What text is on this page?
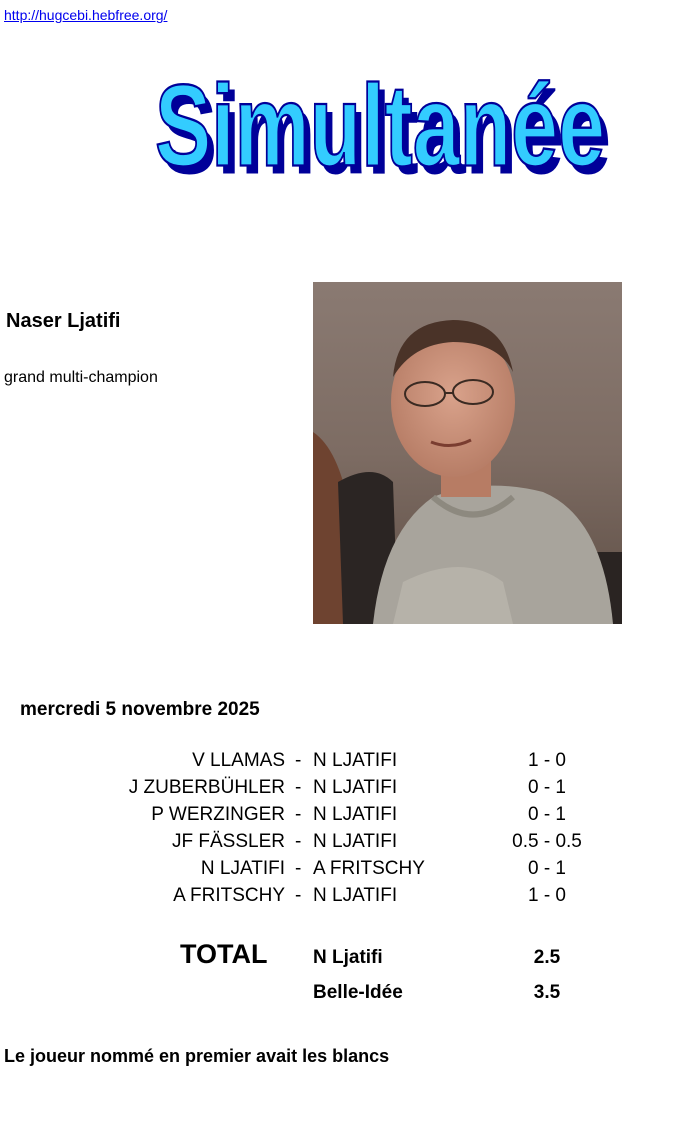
http://hugcebi.hebfree.org/
Simultanée
Simultanée
Naser Ljatifi
grand multi-champion
mercredi 5 novembre 2025
V LLAMAS - N LJATIFI	1 - 0
J ZUBERBÜHLER - N LJATIFI	0 - 1
P WERZINGER - N LJATIFI	0 - 1
JF FÄSSLER - N LJATIFI	0.5 - 0.5
N LJATIFI - A FRITSCHY	0 - 1
A FRITSCHY - N LJATIFI	1 - 0
TOTAL N Ljatifi	2.5
Belle-Idée	3.5
Le joueur nommé en premier avait les blancs
